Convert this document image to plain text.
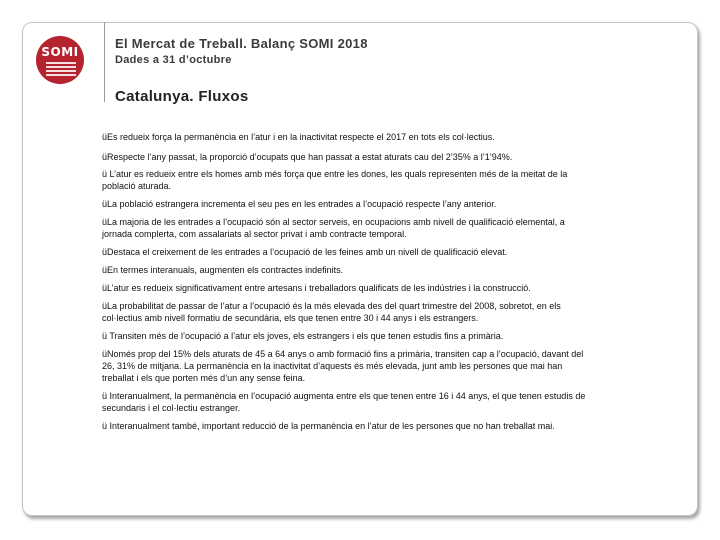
SOMI
El Mercat de Treball. Balanç SOMI 2018
Dades a 31 d’octubre
Catalunya. Fluxos
üEs redueix força la permanència en l’atur i en la inactivitat respecte el 2017 en tots els col·lectius.
üRespecte l’any passat, la proporció d’ocupats que han passat a estat aturats cau del 2’35% a l’1’94%.
ü L’atur es redueix entre els homes amb més força que entre les dones, les quals representen més de la meitat de la població aturada.
üLa població estrangera incrementa el seu pes en les entrades a l’ocupació respecte l’any anterior.
üLa majoria de les entrades a l’ocupació són al sector serveis, en ocupacions amb nivell de qualificació elemental, a jornada complerta, com assalariats al sector privat i amb contracte temporal.
üDestaca el creixement de les entrades a l’ocupació de les feines amb un nivell de qualificació elevat.
üEn termes interanuals, augmenten els contractes indefinits.
üL’atur es redueix significativament entre artesans i treballadors qualificats de les indústries i la construcció.
üLa probabilitat de passar de l’atur a l’ocupació és la més elevada des del quart trimestre del 2008, sobretot, en els col·lectius amb nivell formatiu de secundària, els que tenen entre 30 i 44 anys i els estrangers.
ü Transiten més de l’ocupació a l’atur els joves, els estrangers i els que tenen estudis fins a primària.
üNomés prop del 15% dels aturats de 45 a 64 anys o amb formació fins a primària, transiten cap a l’ocupació, davant del 26, 31% de mitjana. La permanència en la inactivitat d’aquests és més elevada, junt amb les persones que mai han treballat i els que porten més d’un any sense feina.
ü Interanualment, la permanència en l’ocupació augmenta entre els que tenen entre 16 i 44 anys, el que tenen estudis de secundaris i el col·lectiu estranger.
ü Interanualment també, important reducció de la permanència en l’atur de les persones que no han treballat mai.
